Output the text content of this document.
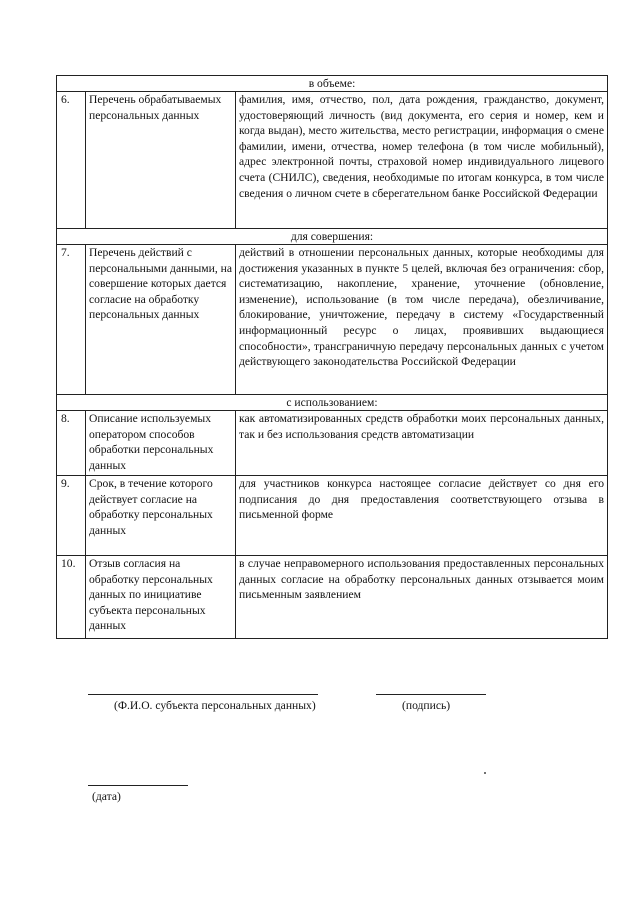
в объеме:		
6.	Перечень обрабатываемых персональных данных	фамилия, имя, отчество, пол, дата рождения, гражданство, документ, удостоверяющий личность (вид документа, его серия и номер, кем и когда выдан), место жительства, место регистрации, информация о смене фамилии, имени, отчества, номер телефона (в том числе мобильный), адрес электронной почты, страховой номер индивидуального лицевого счета (СНИЛС), сведения, необходимые по итогам конкурса, в том числе сведения о личном счете в сберегательном банке Российской Федерации
для совершения:		
7.	Перечень действий с персональными данными, на совершение которых дается согласие на обработку персональных данных	действий в отношении персональных данных, которые необходимы для достижения указанных в пункте 5 целей, включая без ограничения: сбор, систематизацию, накопление, хранение, уточнение (обновление, изменение), использование (в том числе передача), обезличивание, блокирование, уничтожение, передачу в систему «Государственный информационный ресурс о лицах, проявивших выдающиеся способности», трансграничную передачу персональных данных с учетом действующего законодательства Российской Федерации
с использованием:		
8.	Описание используемых оператором способов обработки персональных данных	как автоматизированных средств обработки моих персональных данных, так и без использования средств автоматизации
9.	Срок, в течение которого действует согласие на обработку персональных данных	для участников конкурса настоящее согласие действует со дня его подписания до дня предоставления соответствующего отзыва в письменной форме
10.	Отзыв согласия на обработку персональных данных по инициативе субъекта персональных данных	в случае неправомерного использования предоставленных персональных данных согласие на обработку персональных данных отзывается моим письменным заявлением
(Ф.И.О. субъекта персональных данных)	(подпись)
(дата)
